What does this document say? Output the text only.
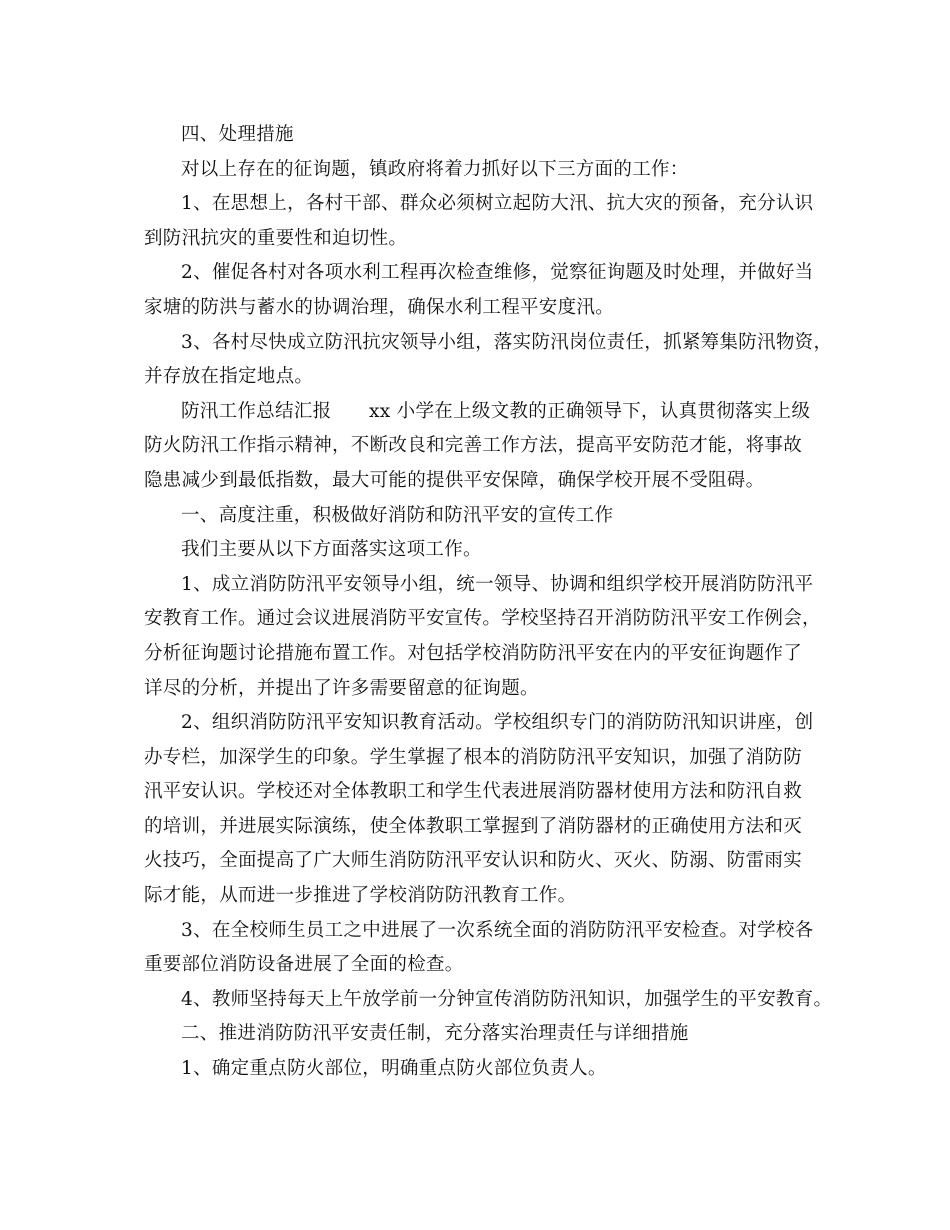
四、处理措施
对以上存在的征询题，镇政府将着力抓好以下三方面的工作：
1、在思想上，各村干部、群众必须树立起防大汛、抗大灾的预备，充分认识
到防汛抗灾的重要性和迫切性。
2、催促各村对各项水利工程再次检查维修，觉察征询题及时处理，并做好当
家塘的防洪与蓄水的协调治理，确保水利工程平安度汛。
3、各村尽快成立防汛抗灾领导小组，落实防汛岗位责任，抓紧筹集防汛物资，
并存放在指定地点。
防汛工作总结汇报　　xx 小学在上级文教的正确领导下，认真贯彻落实上级
防火防汛工作指示精神，不断改良和完善工作方法，提高平安防范才能，将事故
隐患减少到最低指数，最大可能的提供平安保障，确保学校开展不受阻碍。
一、高度注重，积极做好消防和防汛平安的宣传工作
我们主要从以下方面落实这项工作。
1、成立消防防汛平安领导小组，统一领导、协调和组织学校开展消防防汛平
安教育工作。通过会议进展消防平安宣传。学校坚持召开消防防汛平安工作例会，
分析征询题讨论措施布置工作。对包括学校消防防汛平安在内的平安征询题作了
详尽的分析，并提出了许多需要留意的征询题。
2、组织消防防汛平安知识教育活动。学校组织专门的消防防汛知识讲座，创
办专栏，加深学生的印象。学生掌握了根本的消防防汛平安知识，加强了消防防
汛平安认识。学校还对全体教职工和学生代表进展消防器材使用方法和防汛自救
的培训，并进展实际演练，使全体教职工掌握到了消防器材的正确使用方法和灭
火技巧，全面提高了广大师生消防防汛平安认识和防火、灭火、防溺、防雷雨实
际才能，从而进一步推进了学校消防防汛教育工作。
3、在全校师生员工之中进展了一次系统全面的消防防汛平安检查。对学校各
重要部位消防设备进展了全面的检查。
4、教师坚持每天上午放学前一分钟宣传消防防汛知识，加强学生的平安教育。
二、推进消防防汛平安责任制，充分落实治理责任与详细措施
1、确定重点防火部位，明确重点防火部位负责人。
